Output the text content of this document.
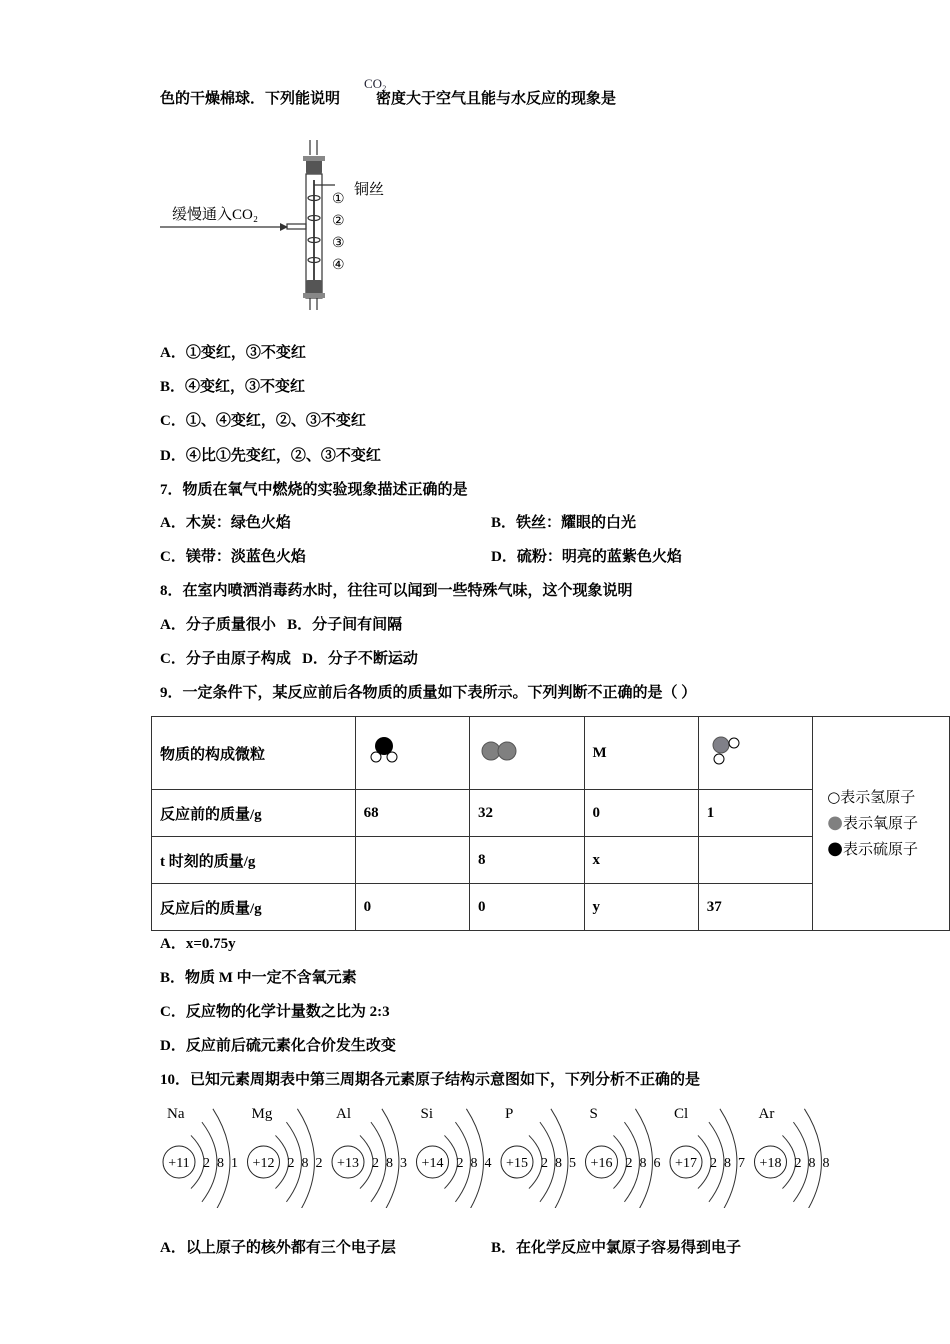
色的干燥棉球．下列能说明 密度大于空气且能与水反应的现象是
CO₂
缓慢通入CO₂
铜丝
①
②
③
④
A．①变红，③不变红
B．④变红，③不变红
C．①、④变红，②、③不变红
D．④比①先变红，②、③不变红
7．物质在氧气中燃烧的实验现象描述正确的是
A．木炭：绿色火焰	B．铁丝：耀眼的白光
C．镁带：淡蓝色火焰	D．硫粉：明亮的蓝紫色火焰
8．在室内喷洒消毒药水时，往往可以闻到一些特殊气味，这个现象说明
A．分子质量很小 B．分子间有间隔
C．分子由原子构成 D．分子不断运动
9．一定条件下，某反应前后各物质的质量如下表所示。下列判断不正确的是（ ）
物质的构成微粒			M		○表示氢原子
●表示氧原子
●表示硫原子

反应前的质量/g	68	32	0	1	
t 时刻的质量/g		8	x		
反应后的质量/g	0	0	y	37	
A．x=0.75y
B．物质 M 中一定不含氧元素
C．反应物的化学计量数之比为 2:3
D．反应前后硫元素化合价发生改变
10．已知元素周期表中第三周期各元素原子结构示意图如下，下列分析不正确的是
Na
+11 2 8 1
Mg
+12 2 8 2
Al
+13 2 8 3
Si
+14 2 8 4
P
+15 2 8 5
S
+16 2 8 6
Cl
+17 2 8 7
Ar
+18 2 8 8
A．以上原子的核外都有三个电子层	B．在化学反应中氯原子容易得到电子
